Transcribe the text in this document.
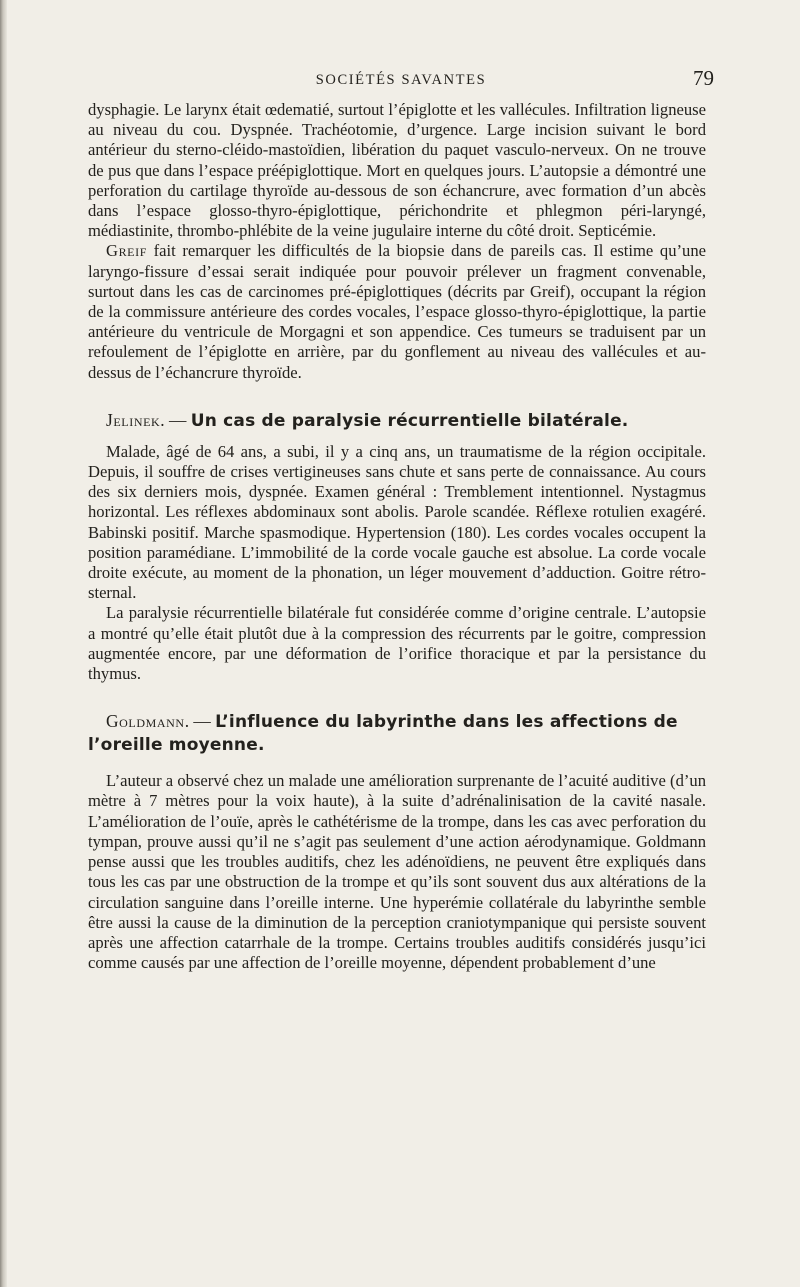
SOCIÉTÉS SAVANTES	79

dysphagie. Le larynx était œdematié, surtout l’épiglotte et les vallécules. Infiltration ligneuse au niveau du cou. Dyspnée. Trachéotomie, d’urgence. Large incision suivant le bord antérieur du sterno-cléido-mastoïdien, libération du paquet vasculo-nerveux. On ne trouve de pus que dans l’espace préépiglottique. Mort en quelques jours. L’autopsie a démontré une perforation du cartilage thyroïde au-dessous de son échancrure, avec formation d’un abcès dans l’espace glosso-thyro-épiglottique, périchondrite et phlegmon péri-laryngé, médiastinite, thrombo-phlébite de la veine jugulaire interne du côté droit. Septicémie.

Greif fait remarquer les difficultés de la biopsie dans de pareils cas. Il estime qu’une laryngo-fissure d’essai serait indiquée pour pouvoir prélever un fragment convenable, surtout dans les cas de carcinomes pré-épiglottiques (décrits par Greif), occupant la région de la commissure antérieure des cordes vocales, l’espace glosso-thyro-épiglottique, la partie antérieure du ventricule de Morgagni et son appendice. Ces tumeurs se traduisent par un refoulement de l’épiglotte en arrière, par du gonflement au niveau des vallécules et au-dessus de l’échancrure thyroïde.

Jelinek. — Un cas de paralysie récurrentielle bilatérale.

Malade, âgé de 64 ans, a subi, il y a cinq ans, un traumatisme de la région occipitale. Depuis, il souffre de crises vertigineuses sans chute et sans perte de connaissance. Au cours des six derniers mois, dyspnée. Examen général : Tremblement intentionnel. Nystagmus horizontal. Les réflexes abdominaux sont abolis. Parole scandée. Réflexe rotulien exagéré. Babinski positif. Marche spasmodique. Hypertension (180). Les cordes vocales occupent la position paramédiane. L’immobilité de la corde vocale gauche est absolue. La corde vocale droite exécute, au moment de la phonation, un léger mouvement d’adduction. Goitre rétro-sternal.

La paralysie récurrentielle bilatérale fut considérée comme d’origine centrale. L’autopsie a montré qu’elle était plutôt due à la compression des récurrents par le goitre, compression augmentée encore, par une déformation de l’orifice thoracique et par la persistance du thymus.

Goldmann. — L’influence du labyrinthe dans les affections de l’oreille moyenne.

L’auteur a observé chez un malade une amélioration surprenante de l’acuité auditive (d’un mètre à 7 mètres pour la voix haute), à la suite d’adrénalinisation de la cavité nasale. L’amélioration de l’ouïe, après le cathétérisme de la trompe, dans les cas avec perforation du tympan, prouve aussi qu’il ne s’agit pas seulement d’une action aérodynamique. Goldmann pense aussi que les troubles auditifs, chez les adénoïdiens, ne peuvent être expliqués dans tous les cas par une obstruction de la trompe et qu’ils sont souvent dus aux altérations de la circulation sanguine dans l’oreille interne. Une hyperémie collatérale du labyrinthe semble être aussi la cause de la diminution de la perception craniotympanique qui persiste souvent après une affection catarrhale de la trompe. Certains troubles auditifs considérés jusqu’ici comme causés par une affection de l’oreille moyenne, dépendent probablement d’une
